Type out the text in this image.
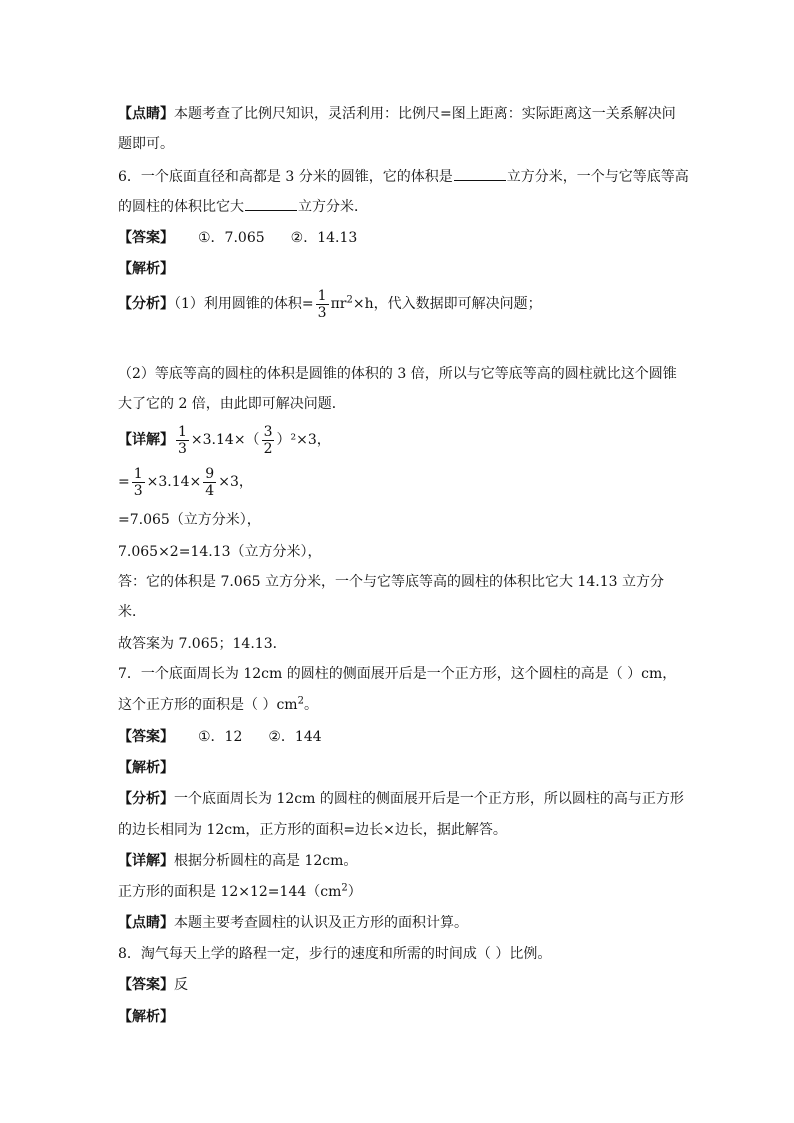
【点睛】本题考查了比例尺知识，灵活利用：比例尺=图上距离：实际距离这一关系解决问
题即可。
6．一个底面直径和高都是 3 分米的圆锥，它的体积是	立方分米，一个与它等底等高
的圆柱的体积比它大	立方分米．
【答案】 ①．7.065 ②．14.13
【解析】
【分析】（1）利用圆锥的体积= $\frac{1}{3} \pi r^2\times h$，代入数据即可解决问题；
（2）等底等高的圆柱的体积是圆锥的体积的 3 倍，所以与它等底等高的圆柱就比这个圆锥
大了它的 2 倍，由此即可解决问题．
【详解】 $\frac{1}{3} \times 3.14\times( \frac{3}{2} )^2\times 3$，
= $\frac{1}{3} \times 3.14\times \frac{9}{4} \times 3$，
=7.065（立方分米），
7.065×2=14.13（立方分米），
答：它的体积是 7.065 立方分米，一个与它等底等高的圆柱的体积比它大 14.13 立方分
米．
故答案为 7.065；14.13．
7．一个底面周长为 12cm 的圆柱的侧面展开后是一个正方形，这个圆柱的高是（ ）cm，
这个正方形的面积是（ ）$cm^2$。
【答案】 ①．12 ②．144
【解析】
【分析】一个底面周长为 12cm 的圆柱的侧面展开后是一个正方形，所以圆柱的高与正方形
的边长相同为 12cm，正方形的面积=边长×边长，据此解答。
【详解】根据分析圆柱的高是 12cm。
正方形的面积是 $12\times 12=144(cm^2)$
【点睛】本题主要考查圆柱的认识及正方形的面积计算。
8．淘气每天上学的路程一定，步行的速度和所需的时间成（ ）比例。
【答案】反
【解析】
